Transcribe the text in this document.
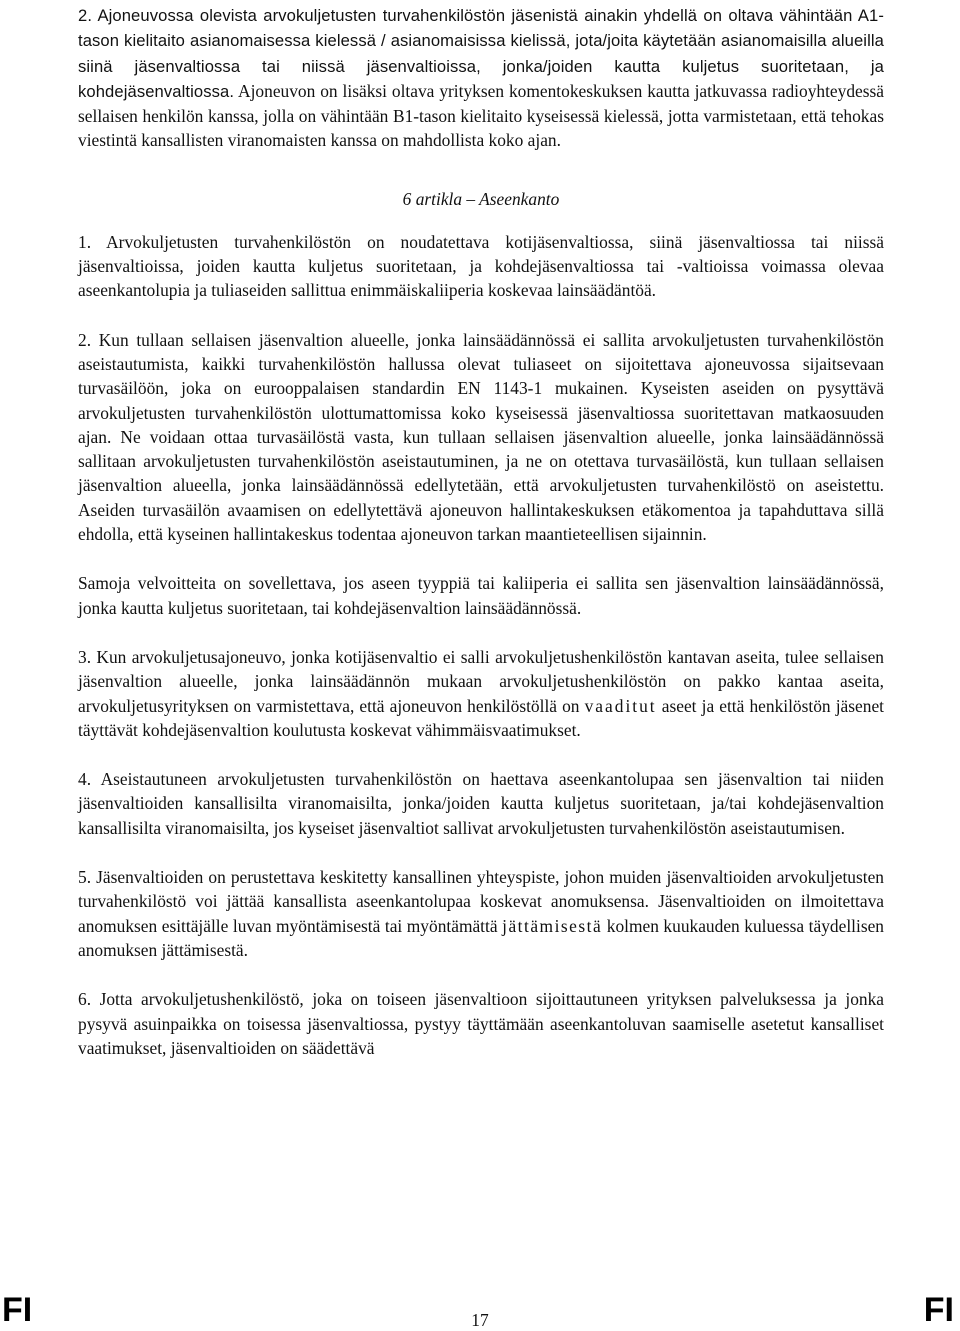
2. Ajoneuvossa olevista arvokuljetusten turvahenkilöstön jäsenistä ainakin yhdellä on oltava vähintään A1-tason kielitaito asianomaisessa kielessä / asianomaisissa kielissä, jota/joita käytetään asianomaisilla alueilla siinä jäsenvaltiossa tai niissä jäsenvaltioissa, jonka/joiden kautta kuljetus suoritetaan, ja kohdejäsenvaltiossa. Ajoneuvon on lisäksi oltava yrityksen komentokeskuksen kautta jatkuvassa radioyhteydessä sellaisen henkilön kanssa, jolla on vähintään B1-tason kielitaito kyseisessä kielessä, jotta varmistetaan, että tehokas viestintä kansallisten viranomaisten kanssa on mahdollista koko ajan.

6 artikla – Aseenkanto

1. Arvokuljetusten turvahenkilöstön on noudatettava kotijäsenvaltiossa, siinä jäsenvaltiossa tai niissä jäsenvaltioissa, joiden kautta kuljetus suoritetaan, ja kohdejäsenvaltiossa tai -valtioissa voimassa olevaa aseenkantolupia ja tuliaseiden sallittua enimmäiskaliiperia koskevaa lainsäädäntöä.

2. Kun tullaan sellaisen jäsenvaltion alueelle, jonka lainsäädännössä ei sallita arvokuljetusten turvahenkilöstön aseistautumista, kaikki turvahenkilöstön hallussa olevat tuliaseet on sijoitettava ajoneuvossa sijaitsevaan turvasäilöön, joka on eurooppalaisen standardin EN 1143-1 mukainen. Kyseisten aseiden on pysyttävä arvokuljetusten turvahenkilöstön ulottumattomissa koko kyseisessä jäsenvaltiossa suoritettavan matkaosuuden ajan. Ne voidaan ottaa turvasäilöstä vasta, kun tullaan sellaisen jäsenvaltion alueelle, jonka lainsäädännössä sallitaan arvokuljetusten turvahenkilöstön aseistautuminen, ja ne on otettava turvasäilöstä, kun tullaan sellaisen jäsenvaltion alueella, jonka lainsäädännössä edellytetään, että arvokuljetusten turvahenkilöstö on aseistettu. Aseiden turvasäilön avaamisen on edellytettävä ajoneuvon hallintakeskuksen etäkomentoa ja tapahduttava sillä ehdolla, että kyseinen hallintakeskus todentaa ajoneuvon tarkan maantieteellisen sijainnin.

Samoja velvoitteita on sovellettava, jos aseen tyyppiä tai kaliiperia ei sallita sen jäsenvaltion lainsäädännössä, jonka kautta kuljetus suoritetaan, tai kohdejäsenvaltion lainsäädännössä.

3. Kun arvokuljetusajoneuvo, jonka kotijäsenvaltio ei salli arvokuljetushenkilöstön kantavan aseita, tulee sellaisen jäsenvaltion alueelle, jonka lainsäädännön mukaan arvokuljetushenkilöstön on pakko kantaa aseita, arvokuljetusyrityksen on varmistettava, että ajoneuvon henkilöstöllä on vaaditut aseet ja että henkilöstön jäsenet täyttävät kohdejäsenvaltion koulutusta koskevat vähimmäisvaatimukset.

4. Aseistautuneen arvokuljetusten turvahenkilöstön on haettava aseenkantolupaa sen jäsenvaltion tai niiden jäsenvaltioiden kansallisilta viranomaisilta, jonka/joiden kautta kuljetus suoritetaan, ja/tai kohdejäsenvaltion kansallisilta viranomaisilta, jos kyseiset jäsenvaltiot sallivat arvokuljetusten turvahenkilöstön aseistautumisen.

5. Jäsenvaltioiden on perustettava keskitetty kansallinen yhteyspiste, johon muiden jäsenvaltioiden arvokuljetusten turvahenkilöstö voi jättää kansallista aseenkantolupaa koskevat anomuksensa. Jäsenvaltioiden on ilmoitettava anomuksen esittäjälle luvan myöntämisestä tai myöntämättä jättämisestä kolmen kuukauden kuluessa täydellisen anomuksen jättämisestä.

6. Jotta arvokuljetushenkilöstö, joka on toiseen jäsenvaltioon sijoittautuneen yrityksen palveluksessa ja jonka pysyvä asuinpaikka on toisessa jäsenvaltiossa, pystyy täyttämään aseenkantoluvan saamiselle asetetut kansalliset vaatimukset, jäsenvaltioiden on säädettävä

FI	17	FI
